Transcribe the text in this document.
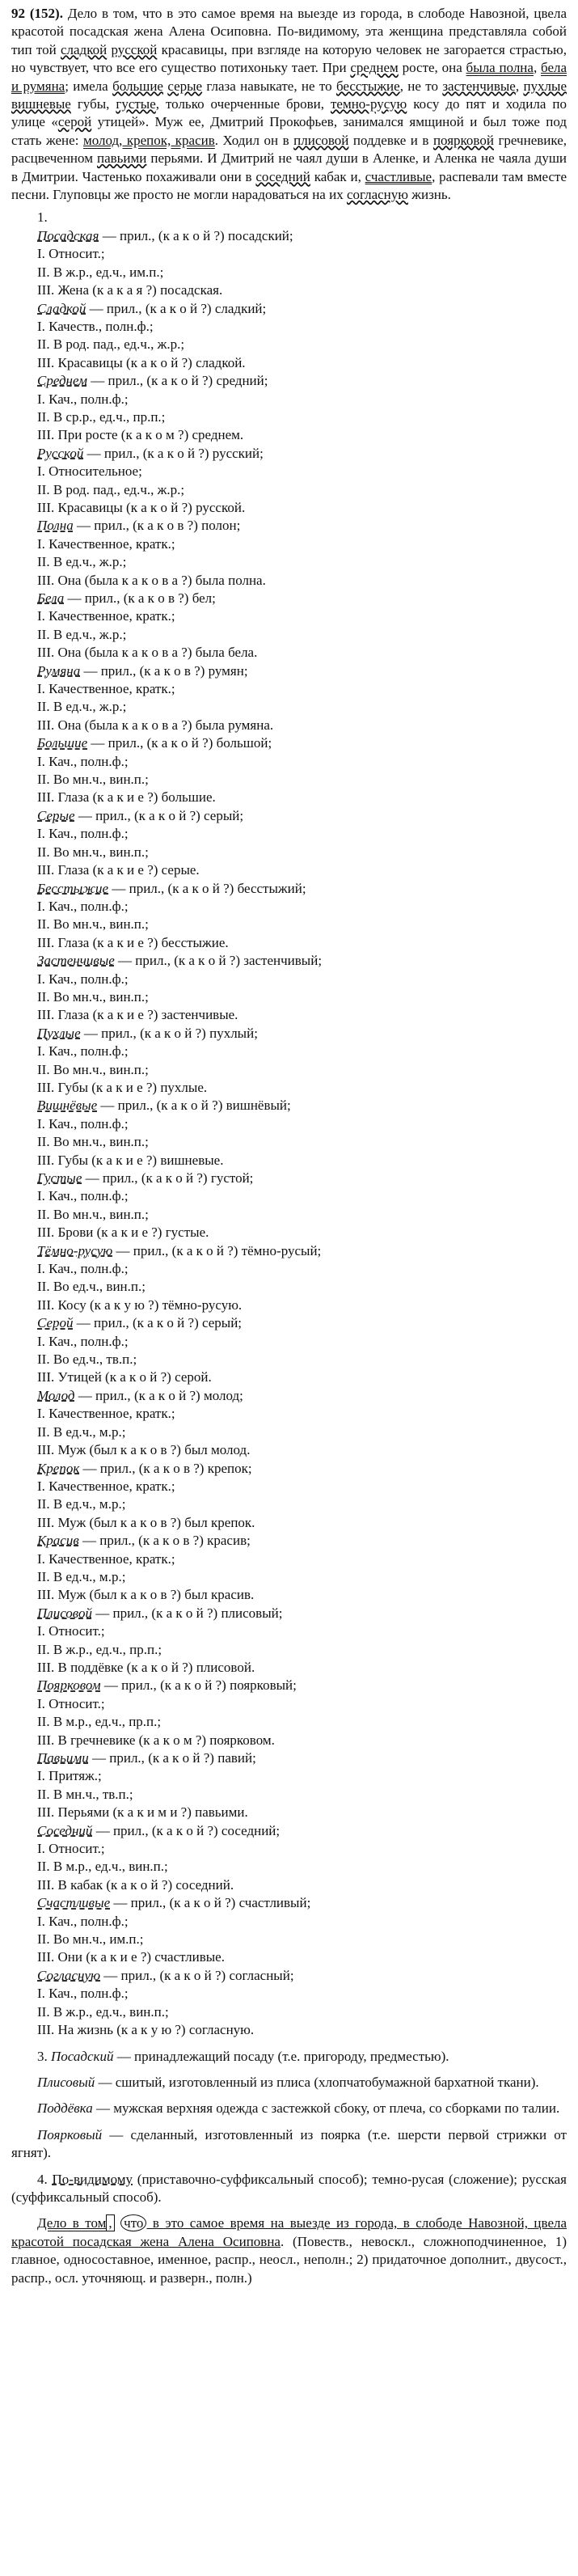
92 (152). Дело в том, что в это самое время на выезде из города, в слободе Навозной, цвела красотой посадская жена Алена Осиповна. По-видимому, эта женщина представляла собой тип той сладкой русской красавицы, при взгляде на которую человек не загорается страстью, но чувствует, что все его существо потихоньку тает. При среднем росте, она была полна, бела и румяна; имела большие серые глаза навыкате, не то бесстыжие, не то застенчивые, пухлые вишневые губы, густые, только очерченные брови, темно-русую косу до пят и ходила по улице «серой утицей». Муж ее, Дмитрий Прокофьев, занимался ямщиной и был тоже под стать жене: молод, крепок, красив. Ходил он в плисовой поддевке и в поярковой гречневике, расцвеченном павьими перьями. И Дмитрий не чаял души в Аленке, и Аленка не чаяла души в Дмитрии. Частенько похаживали они в соседний кабак и, счастливые, распевали там вместе песни. Глуповцы же просто не могли нарадоваться на их согласную жизнь.

1.
Посадская — прил., (к а к о й ?) посадский;
I. Относит.;
II. В ж.р., ед.ч., им.п.;
III. Жена (к а к а я ?) посадская.
Сладкой — прил., (к а к о й ?) сладкий;
I. Качеств., полн.ф.;
II. В род. пад., ед.ч., ж.р.;
III. Красавицы (к а к о й ?) сладкой.
Среднем — прил., (к а к о й ?) средний;
I. Кач., полн.ф.;
II. В ср.р., ед.ч., пр.п.;
III. При росте (к а к о м ?) среднем.
Русской — прил., (к а к о й ?) русский;
I. Относительное;
II. В род. пад., ед.ч., ж.р.;
III. Красавицы (к а к о й ?) русской.
Полна — прил., (к а к о в ?) полон;
I. Качественное, кратк.;
II. В ед.ч., ж.р.;
III. Она (была к а к о в а ?) была полна.
Бела — прил., (к а к о в ?) бел;
I. Качественное, кратк.;
II. В ед.ч., ж.р.;
III. Она (была к а к о в а ?) была бела.
Румяна — прил., (к а к о в ?) румян;
I. Качественное, кратк.;
II. В ед.ч., ж.р.;
III. Она (была к а к о в а ?) была румяна.
Большие — прил., (к а к о й ?) большой;
I. Кач., полн.ф.;
II. Во мн.ч., вин.п.;
III. Глаза (к а к и е ?) большие.
Серые — прил., (к а к о й ?) серый;
I. Кач., полн.ф.;
II. Во мн.ч., вин.п.;
III. Глаза (к а к и е ?) серые.
Бесстыжие — прил., (к а к о й ?) бесстыжий;
I. Кач., полн.ф.;
II. Во мн.ч., вин.п.;
III. Глаза (к а к и е ?) бесстыжие.
Застенчивые — прил., (к а к о й ?) застенчивый;
I. Кач., полн.ф.;
II. Во мн.ч., вин.п.;
III. Глаза (к а к и е ?) застенчивые.
Пухлые — прил., (к а к о й ?) пухлый;
I. Кач., полн.ф.;
II. Во мн.ч., вин.п.;
III. Губы (к а к и е ?) пухлые.
Вишнёвые — прил., (к а к о й ?) вишнёвый;
I. Кач., полн.ф.;
II. Во мн.ч., вин.п.;
III. Губы (к а к и е ?) вишневые.
Густые — прил., (к а к о й ?) густой;
I. Кач., полн.ф.;
II. Во мн.ч., вин.п.;
III. Брови (к а к и е ?) густые.
Тёмно-русую — прил., (к а к о й ?) тёмно-русый;
I. Кач., полн.ф.;
II. Во ед.ч., вин.п.;
III. Косу (к а к у ю ?) тёмно-русую.
Серой — прил., (к а к о й ?) серый;
I. Кач., полн.ф.;
II. Во ед.ч., тв.п.;
III. Утицей (к а к о й ?) серой.
Молод — прил., (к а к о й ?) молод;
I. Качественное, кратк.;
II. В ед.ч., м.р.;
III. Муж (был к а к о в ?) был молод.
Крепок — прил., (к а к о в ?) крепок;
I. Качественное, кратк.;
II. В ед.ч., м.р.;
III. Муж (был к а к о в ?) был крепок.
Красив — прил., (к а к о в ?) красив;
I. Качественное, кратк.;
II. В ед.ч., м.р.;
III. Муж (был к а к о в ?) был красив.
Плисовой — прил., (к а к о й ?) плисовый;
I. Относит.;
II. В ж.р., ед.ч., пр.п.;
III. В поддёвке (к а к о й ?) плисовой.
Поярковом — прил., (к а к о й ?) поярковый;
I. Относит.;
II. В м.р., ед.ч., пр.п.;
III. В гречневике (к а к о м ?) поярковом.
Павьими — прил., (к а к о й ?) павий;
I. Притяж.;
II. В мн.ч., тв.п.;
III. Перьями (к а к и м и ?) павьими.
Соседний — прил., (к а к о й ?) соседний;
I. Относит.;
II. В м.р., ед.ч., вин.п.;
III. В кабак (к а к о й ?) соседний.
Счастливые — прил., (к а к о й ?) счастливый;
I. Кач., полн.ф.;
II. Во мн.ч., им.п.;
III. Они (к а к и е ?) счастливые.
Согласную — прил., (к а к о й ?) согласный;
I. Кач., полн.ф.;
II. В ж.р., ед.ч., вин.п.;
III. На жизнь (к а к у ю ?) согласную.

3. Посадский — принадлежащий посаду (т.е. пригороду, предместью).

Плисовый — сшитый, изготовленный из плиса (хлопчатобумажной бархатной ткани).

Поддёвка — мужская верхняя одежда с застежкой сбоку, от плеча, со сборками по талии.

Поярковый — сделанный, изготовленный из поярка (т.е. шерсти первой стрижки от ягнят).

4. По-видимому (приставочно-суффиксальный способ); темно-русая (сложение); русская (суффиксальный способ).

Дело в том , что в это самое время на выезде из города, в слободе Навозной, цвела красотой посадская жена Алена Осиповна. (Повеств., невоскл., сложноподчиненное, 1) главное, односоставное, именное, распр., неосл., неполн.; 2) придаточное дополнит., двусост., распр., осл. уточняющ. и разверн., полн.)
